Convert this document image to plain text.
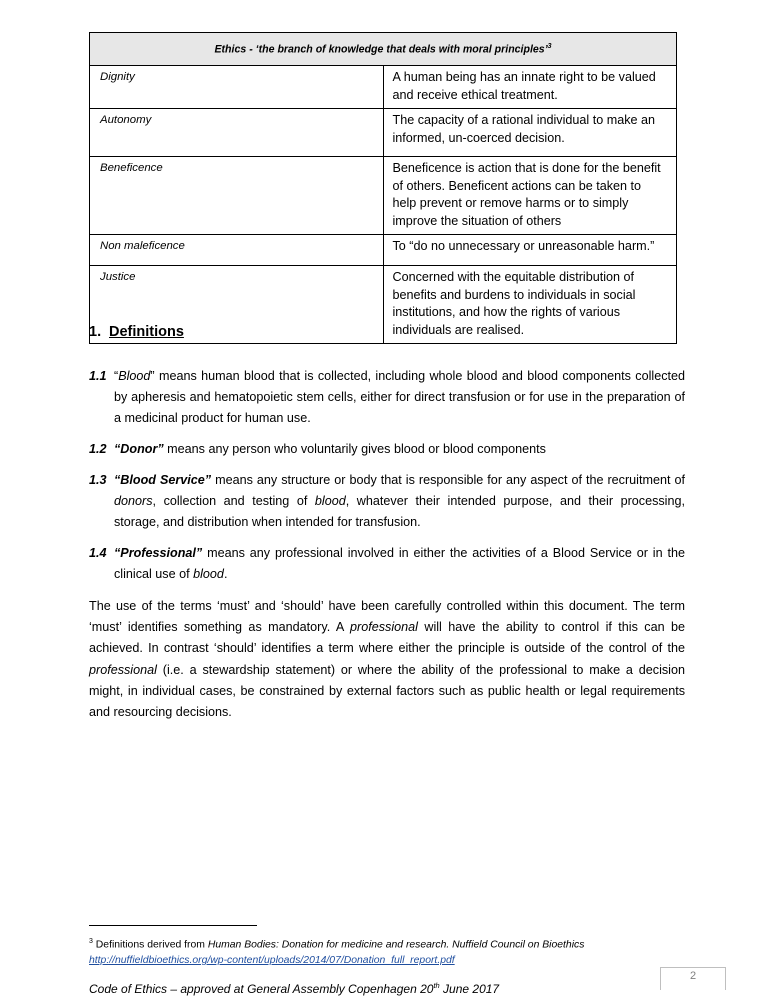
Ethics - ‘the branch of knowledge that deals with moral principles’$^3$
Dignity	A human being has an innate right to be valued and receive ethical treatment.
Autonomy	The capacity of a rational individual to make an informed, un-coerced decision.
Beneficence	Beneficence is action that is done for the benefit of others. Beneficent actions can be taken to help prevent or remove harms or to simply improve the situation of others
Non maleficence	To “do no unnecessary or unreasonable harm.”
Justice	Concerned with the equitable distribution of benefits and burdens to individuals in social institutions, and how the rights of various individuals are realised.
1. Definitions
1.1 “Blood” means human blood that is collected, including whole blood and blood components collected by apheresis and hematopoietic stem cells, either for direct transfusion or for use in the preparation of a medicinal product for human use.
1.2 “Donor” means any person who voluntarily gives blood or blood components
1.3 “Blood Service” means any structure or body that is responsible for any aspect of the recruitment of donors, collection and testing of blood, whatever their intended purpose, and their processing, storage, and distribution when intended for transfusion.
1.4 “Professional” means any professional involved in either the activities of a Blood Service or in the clinical use of blood.
The use of the terms ‘must’ and ‘should’ have been carefully controlled within this document. The term ‘must’ identifies something as mandatory. A professional will have the ability to control if this can be achieved. In contrast ‘should’ identifies a term where either the principle is outside of the control of the professional (i.e. a stewardship statement) or where the ability of the professional to make a decision might, in individual cases, be constrained by external factors such as public health or legal requirements and resourcing decisions.
$^3$ Definitions derived from Human Bodies: Donation for medicine and research. Nuffield Council on Bioethics
http://nuffieldbioethics.org/wp-content/uploads/2014/07/Donation_full_report.pdf
2
Code of Ethics – approved at General Assembly Copenhagen 20th June 2017
